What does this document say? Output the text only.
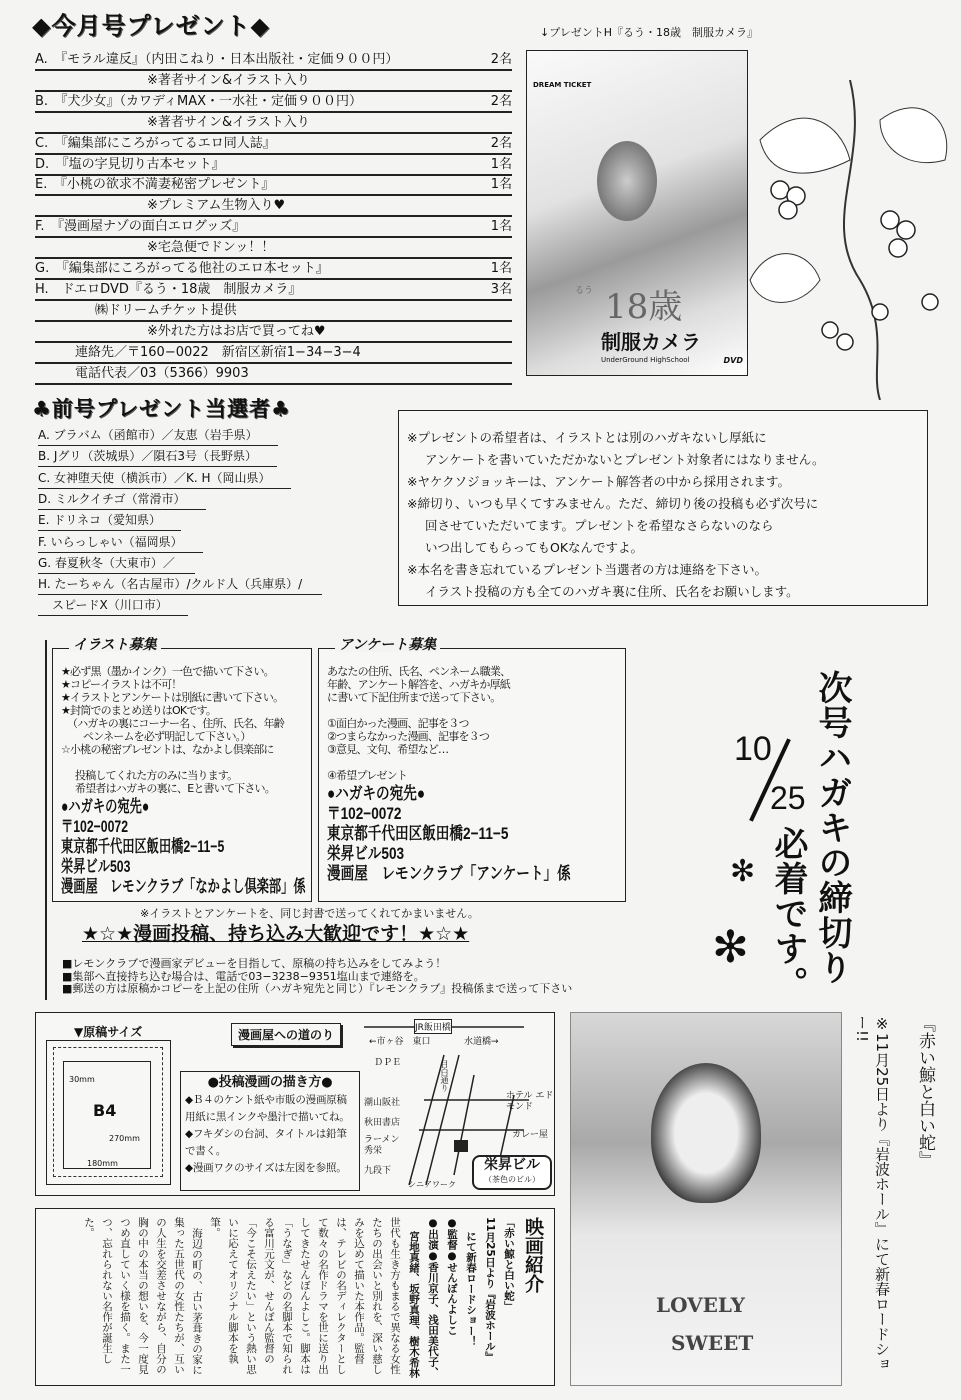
◆今月号プレゼント◆
A.　『モラル違反』（内田こねり・日本出版社・定価９００円）	2名
※著者サイン&イラスト入り
B.　『犬少女』（カワディMAX・一水社・定価９００円）	2名
※著者サイン&イラスト入り
C.　『編集部にころがってるエロ同人誌』	2名
D.　『塩の字見切り古本セット』	1名
E.　『小桃の欲求不満妻秘密プレゼント』	1名
※プレミアム生物入り♥
F.　『漫画屋ナゾの面白エログッズ』	1名
※宅急便でドンッ！！
G.　『編集部にころがってる他社のエロ本セット』	1名
H.　ドエロDVD『るう・18歳　制服カメラ』	3名
㈱ドリームチケット提供
※外れた方はお店で買ってね♥
連絡先／〒160−0022　新宿区新宿1−34−3−4
電話代表／03（5366）9903
↓プレゼントH『るう・18歳　制服カメラ』
DREAM TICKET
るう 18歳
制服カメラ
UnderGround HighSchool	DVD
♣前号プレゼント当選者♣
A. ブラバム（函館市）／友恵（岩手県）
B. Jグリ（茨城県）／隕石3号（長野県）
C. 女神堕天使（横浜市）／K. H（岡山県）
D. ミルクイチゴ（常滑市）
E. ドリネコ（愛知県）
F. いらっしゃい（福岡県）
G. 春夏秋冬（大東市）／
H. たーちゃん（名古屋市）/クルド人（兵庫県）/
スピードX（川口市）

※プレゼントの希望者は、イラストとは別のハガキないし厚紙に

アンケートを書いていただかないとプレゼント対象者にはなりません。

※ヤケクソジョッキーは、アンケート解答者の中から採用されます。

※締切り、いつも早くてすみません。ただ、締切り後の投稿も必ず次号に

回させていただいてます。プレゼントを希望なさらないのなら

いつ出してもらってもOKなんですよ。

※本名を書き忘れているプレゼント当選者の方は連絡を下さい。

イラスト投稿の方も全てのハガキ裏に住所、氏名をお願いします。

イラスト募集
★必ず黒（墨かインク）一色で描いて下さい。
★コピーイラストは不可！
★イラストとアンケートは別紙に書いて下さい。
★封筒でのまとめ送りはOKです。
（ハガキの裏にコーナー名 、住所、氏名、年齢
ペンネームを必ず明記して下さい。）
☆小桃の秘密プレゼントは、なかよし倶楽部に
投稿してくれた方のみに当ります。
希望者はハガキの裏に、Eと書いて下さい。
●ハガキの宛先●
〒102−0072
東京都千代田区飯田橋2−11−5
栄昇ビル503
漫画屋　レモンクラブ「なかよし倶楽部」係
アンケート募集
あなたの住所、氏名、ペンネーム職業、
年齢、アンケート解答を、ハガキか厚紙
に書いて下記住所まで送って下さい。
①面白かった漫画、記事を３つ
②つまらなかった漫画、記事を３つ
③意見、文句、希望など…
④希望プレゼント
●ハガキの宛先●
〒102−0072
東京都千代田区飯田橋2−11−5
栄昇ビル503
漫画屋　レモンクラブ「アンケート」係
※イラストとアンケートを、同じ封書で送ってくれてかまいません。
★☆★漫画投稿、持ち込み大歓迎です！★☆★
■レモンクラブで漫画家デビューを目指して、原稿の持ち込みをしてみよう！
■集部へ直接持ち込む場合は、電話で03−3238−9351塩山まで連絡を。
■郵送の方は原稿かコピーを上記の住所（ハガキ宛先と同じ）『レモンクラブ』投稿係まで送って下さい
次号ハガキの締切り
10
25
必着です。
✻
✻
▼原稿サイズ
30mm
B4
270mm
180mm
漫画屋への道のり
●投稿漫画の描き方●
◆Ｂ４のケント紙や市販の漫画原稿用紙に黒インクや墨汁で描いてね。
◆フキダシの台詞、タイトルは鉛筆で書く。
◆漫画ワクのサイズは左図を参照。
JR飯田橋
←市ヶ谷　東口	水道橋→
ＤＰＥ	目白通り
潮山阪社
秋田書店
ラーメン 秀栄
九段下
ホテル エドモンド
カレー屋
シニアワーク
栄昇ビル
（茶色のビル）
映画紹介
「赤い鯨と白い蛇」
11月25日より『岩波ホール』
にて新春ロードショー！
●監督●せんぼんよしこ
●出演●香川京子、浅田美代子、
宮地真緒、坂野真理、樹木希林
世代も生き方もまるで異なる女性たちの出会いと別れを、深い慈しみを込めて描いた本作品。監督は、テレビの名ディレクターとして数々の名作ドラマを世に送り出してきたせんぼんよしこ。脚本は「うなぎ」などの名脚本で知られる富川元文が、せんぼん監督の「今こそ伝えたい」という熱い思いに応えてオリジナル脚本を執筆。
海辺の町の、古い茅葺きの家に集った五世代の女性たちが、互いの人生を交差させながら、自分の胸の中の本当の想いを、今一度見つめ直していく様を描く。また一つ、忘れられない名作が誕生した。
LOVELY
SWEET
『赤い鯨と白い蛇』
※11月25日より『岩波ホール』にて新春ロードショー!!
